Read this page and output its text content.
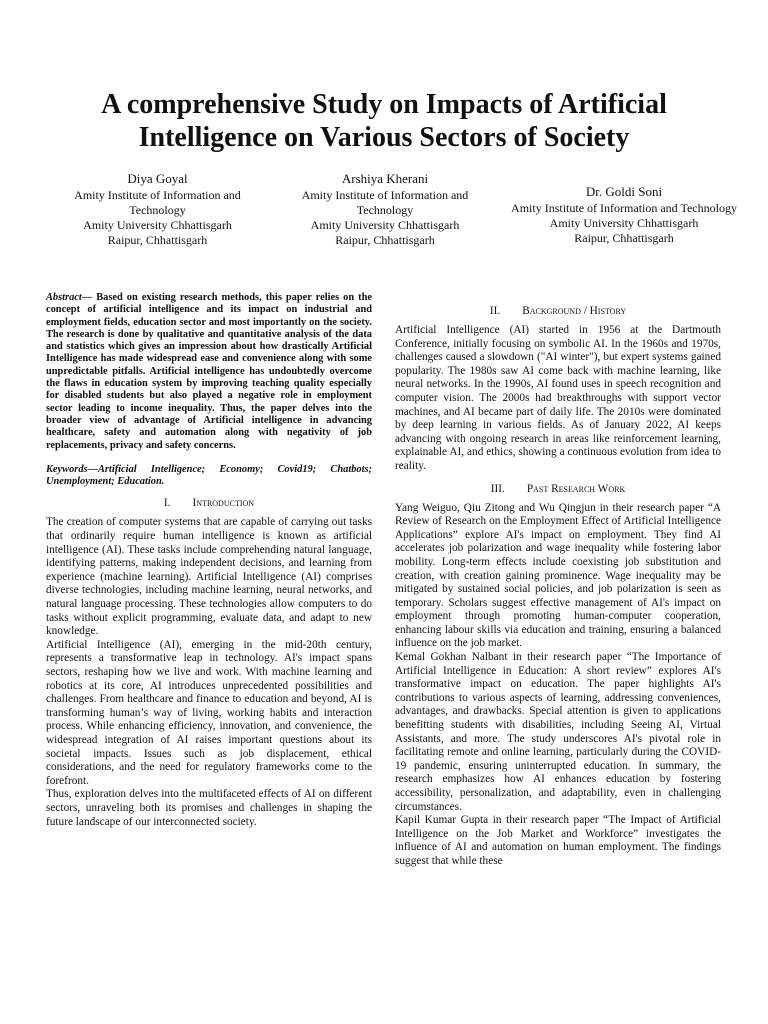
A comprehensive Study on Impacts of Artificial Intelligence on Various Sectors of Society
Diya Goyal
Amity Institute of Information and Technology
Amity University Chhattisgarh
Raipur, Chhattisgarh
Arshiya Kherani
Amity Institute of Information and Technology
Amity University Chhattisgarh
Raipur, Chhattisgarh
Dr. Goldi Soni
Amity Institute of Information and Technology
Amity University Chhattisgarh
Raipur, Chhattisgarh

Abstract— Based on existing research methods, this paper relies on the concept of artificial intelligence and its impact on industrial and employment fields, education sector and most importantly on the society. The research is done by qualitative and quantitative analysis of the data and statistics which gives an impression about how drastically Artificial Intelligence has made widespread ease and convenience along with some unpredictable pitfalls. Artificial intelligence has undoubtedly overcome the flaws in education system by improving teaching quality especially for disabled students but also played a negative role in employment sector leading to income inequality. Thus, the paper delves into the broader view of advantage of Artificial intelligence in advancing healthcare, safety and automation along with negativity of job replacements, privacy and safety concerns.

Keywords—Artificial Intelligence; Economy; Covid19; Chatbots; Unemployment; Education.

I. Introduction

The creation of computer systems that are capable of carrying out tasks that ordinarily require human intelligence is known as artificial intelligence (AI). These tasks include comprehending natural language, identifying patterns, making independent decisions, and learning from experience (machine learning). Artificial Intelligence (AI) comprises diverse technologies, including machine learning, neural networks, and natural language processing. These technologies allow computers to do tasks without explicit programming, evaluate data, and adapt to new knowledge.

Artificial Intelligence (AI), emerging in the mid-20th century, represents a transformative leap in technology. AI's impact spans sectors, reshaping how we live and work. With machine learning and robotics at its core, AI introduces unprecedented possibilities and challenges. From healthcare and finance to education and beyond, AI is transforming human’s way of living, working habits and interaction process. While enhancing efficiency, innovation, and convenience, the widespread integration of AI raises important questions about its societal impacts. Issues such as job displacement, ethical considerations, and the need for regulatory frameworks come to the forefront.

Thus, exploration delves into the multifaceted effects of AI on different sectors, unraveling both its promises and challenges in shaping the future landscape of our interconnected society.

II. Background / History

Artificial Intelligence (AI) started in 1956 at the Dartmouth Conference, initially focusing on symbolic AI. In the 1960s and 1970s, challenges caused a slowdown ("AI winter"), but expert systems gained popularity. The 1980s saw AI come back with machine learning, like neural networks. In the 1990s, AI found uses in speech recognition and computer vision. The 2000s had breakthroughs with support vector machines, and AI became part of daily life. The 2010s were dominated by deep learning in various fields. As of January 2022, AI keeps advancing with ongoing research in areas like reinforcement learning, explainable AI, and ethics, showing a continuous evolution from idea to reality.

III. Past Research Work

Yang Weiguo, Qiu Zitong and Wu Qingjun in their research paper “A Review of Research on the Employment Effect of Artificial Intelligence Applications” explore AI's impact on employment. They find AI accelerates job polarization and wage inequality while fostering labor mobility. Long-term effects include coexisting job substitution and creation, with creation gaining prominence. Wage inequality may be mitigated by sustained social policies, and job polarization is seen as temporary. Scholars suggest effective management of AI's impact on employment through promoting human-computer cooperation, enhancing labour skills via education and training, ensuring a balanced influence on the job market.

Kemal Gokhan Nalbant in their research paper “The Importance of Artificial Intelligence in Education: A short review” explores AI's transformative impact on education. The paper highlights AI's contributions to various aspects of learning, addressing conveniences, advantages, and drawbacks. Special attention is given to applications benefitting students with disabilities, including Seeing AI, Virtual Assistants, and more. The study underscores AI's pivotal role in facilitating remote and online learning, particularly during the COVID-19 pandemic, ensuring uninterrupted education. In summary, the research emphasizes how AI enhances education by fostering accessibility, personalization, and adaptability, even in challenging circumstances.

Kapil Kumar Gupta in their research paper “The Impact of Artificial Intelligence on the Job Market and Workforce” investigates the influence of AI and automation on human employment. The findings suggest that while these
